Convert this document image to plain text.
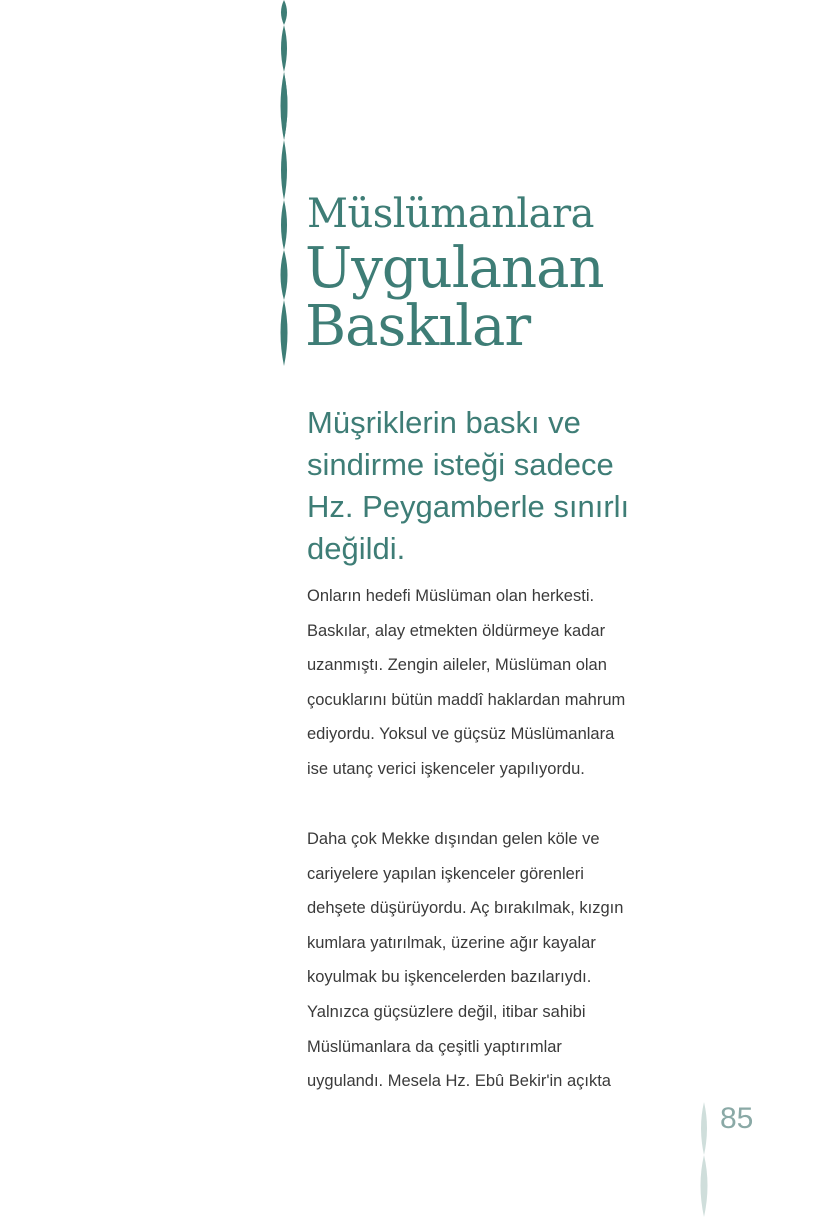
Müslümanlara
Uygulanan
Baskılar

Müşriklerin baskı ve
sindirme isteği sadece
Hz. Peygamberle sınırlı
değildi.

Onların hedefi Müslüman olan herkesti.
Baskılar, alay etmekten öldürmeye kadar
uzanmıştı. Zengin aileler, Müslüman olan
çocuklarını bütün maddî haklardan mahrum
ediyordu. Yoksul ve güçsüz Müslümanlara
ise utanç verici işkenceler yapılıyordu.

Daha çok Mekke dışından gelen köle ve
cariyelere yapılan işkenceler görenleri
dehşete düşürüyordu. Aç bırakılmak, kızgın
kumlara yatırılmak, üzerine ağır kayalar
koyulmak bu işkencelerden bazılarıydı.
Yalnızca güçsüzlere değil, itibar sahibi
Müslümanlara da çeşitli yaptırımlar
uygulandı. Mesela Hz. Ebû Bekir'in açıkta

85
